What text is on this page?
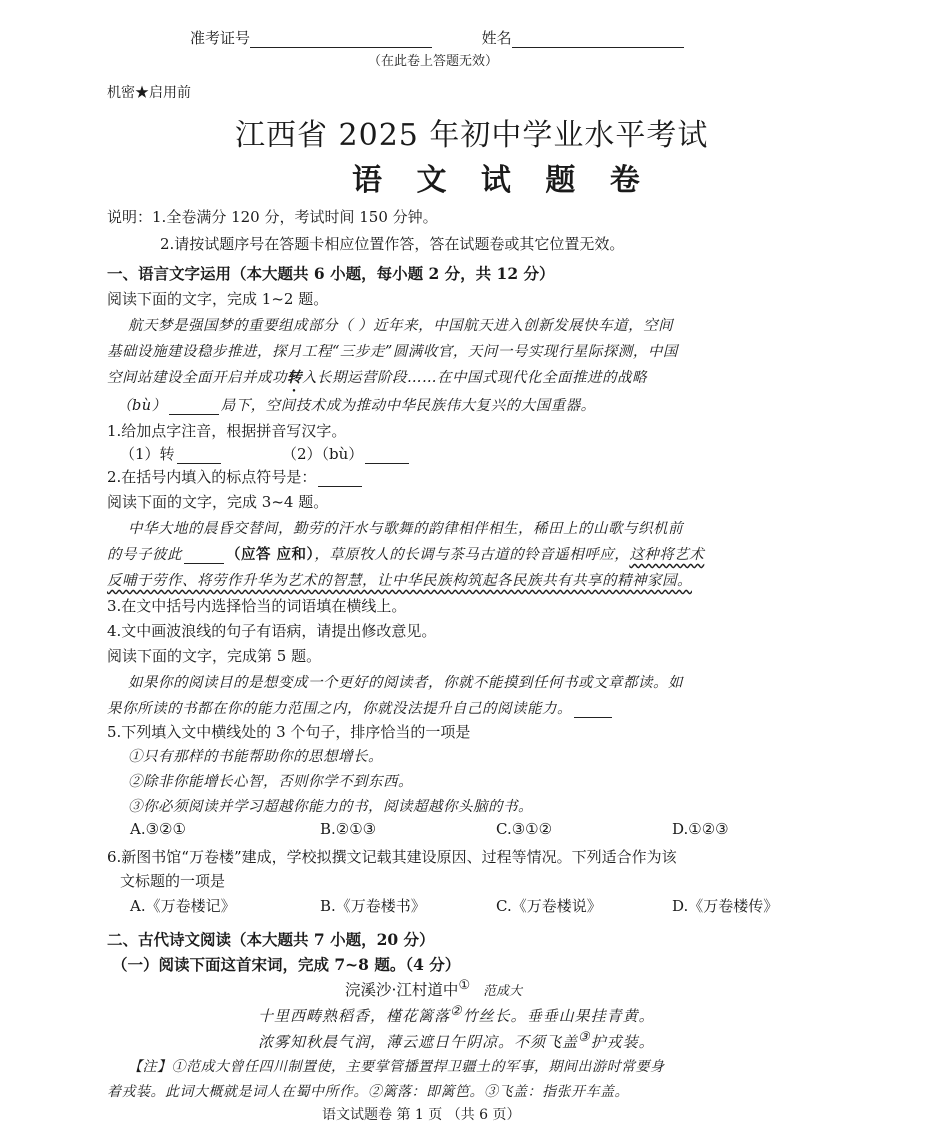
准考证号	姓名
（在此卷上答题无效）
机密★启用前
江西省 2025 年初中学业水平考试
语 文 试 题 卷
说明：1.全卷满分 120 分，考试时间 150 分钟。
2.请按试题序号在答题卡相应位置作答，答在试题卷或其它位置无效。
一、语言文字运用（本大题共 6 小题，每小题 2 分，共 12 分）
阅读下面的文字，完成 1~2 题。
航天梦是强国梦的重要组成部分（ ）近年来，中国航天进入创新发展快车道，空间
基础设施建设稳步推进，探月工程“三步走”圆满收官，天问一号实现行星际探测，中国
空间站建设全面开启并成功转入长期运营阶段……在中国式现代化全面推进的战略
（bù）	局下，空间技术成为推动中华民族伟大复兴的大国重器。
1.给加点字注音，根据拼音写汉字。
（1）转	（2）（bù）
2.在括号内填入的标点符号是：
阅读下面的文字，完成 3~4 题。
中华大地的晨昏交替间，勤劳的汗水与歌舞的韵律相伴相生，稀田上的山歌与织机前
的号子彼此	（应答 应和），草原牧人的长调与茶马古道的铃音遥相呼应，这种将艺术
反哺于劳作、将劳作升华为艺术的智慧，让中华民族构筑起各民族共有共享的精神家园。
3.在文中括号内选择恰当的词语填在横线上。
4.文中画波浪线的句子有语病，请提出修改意见。
阅读下面的文字，完成第 5 题。
如果你的阅读目的是想变成一个更好的阅读者，你就不能摸到任何书或文章都读。如
果你所读的书都在你的能力范围之内，你就没法提升自己的阅读能力。
5.下列填入文中横线处的 3 个句子，排序恰当的一项是
①只有那样的书能帮助你的思想增长。
②除非你能增长心智，否则你学不到东西。
③你必须阅读并学习超越你能力的书，阅读超越你头脑的书。
A.③②①	B.②①③	C.③①②	D.①②③
6.新图书馆“万卷楼”建成，学校拟撰文记载其建设原因、过程等情况。下列适合作为该
文标题的一项是
A.《万卷楼记》	B.《万卷楼书》	C.《万卷楼说》	D.《万卷楼传》
二、古代诗文阅读（本大题共 7 小题，20 分）
（一）阅读下面这首宋词，完成 7~8 题。（4 分）
浣溪沙·江村道中① 范成大
十里西畴熟稻香，槿花篱落②竹丝长。垂垂山果挂青黄。
浓雾知秋晨气润，薄云遮日午阴凉。不须飞盖③护戎装。
【注】①范成大曾任四川制置使，主要掌管播置捍卫疆土的军事，期间出游时常要身
着戎装。此词大概就是词人在蜀中所作。②篱落：即篱笆。③飞盖：指张开车盖。
语文试题卷 第 1 页 （共 6 页）
